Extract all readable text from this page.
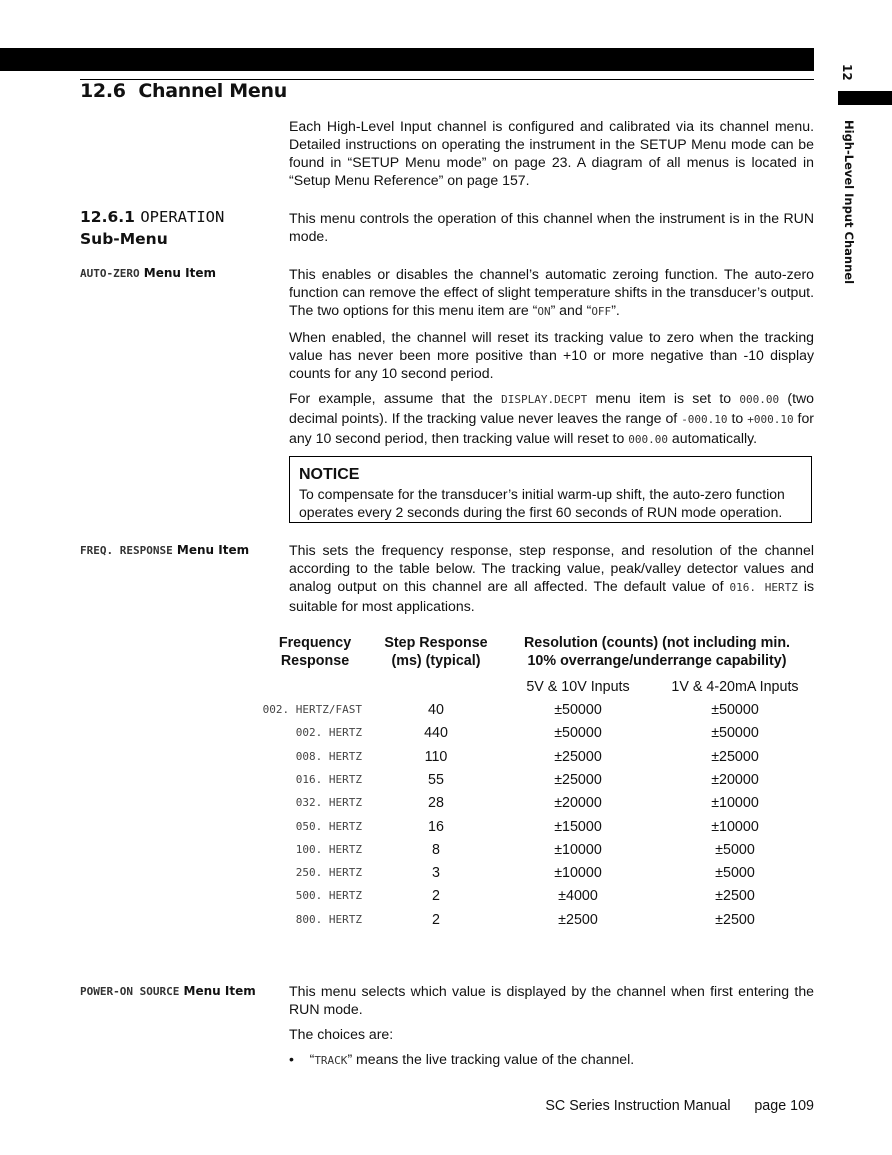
12
High-Level Input Channel
12.6 Channel Menu

Each High-Level Input channel is configured and calibrated via its channel menu. Detailed instructions on operating the instrument in the SETUP Menu mode can be found in “SETUP Menu mode” on page 23. A diagram of all menus is located in “Setup Menu Reference” on page 157.

12.6.1 OPERATION
Sub-Menu

This menu controls the operation of this channel when the instrument is in the RUN mode.

AUTO-ZERO Menu Item	This enables or disables the channel’s automatic zeroing function. The auto-zero function can remove the effect of slight temperature shifts in the transducer’s output. The two options for this menu item are “ON” and “OFF”.

When enabled, the channel will reset its tracking value to zero when the tracking value has never been more positive than +10 or more negative than -10 display counts for any 10 second period.

For example, assume that the DISPLAY.DECPT menu item is set to 000.00 (two decimal points). If the tracking value never leaves the range of -000.10 to +000.10 for any 10 second period, then tracking value will reset to 000.00 automatically.

NOTICE
To compensate for the transducer’s initial warm-up shift, the auto-zero function operates every 2 seconds during the first 60 seconds of RUN mode operation.
FREQ. RESPONSE Menu Item	This sets the frequency response, step response, and resolution of the channel according to the table below. The tracking value, peak/valley detector values and analog output on this channel are all affected. The default value of 016. HERTZ is suitable for most applications.

Frequency Response
Step Response (ms) (typical)
Resolution (counts) (not including min. 10% overrange/underrange capability)
5V & 10V Inputs	1V & 4-20mA Inputs
002. HERTZ/FAST	40	±50000	±50000
002. HERTZ	440	±50000	±50000
008. HERTZ	110	±25000	±25000
016. HERTZ	55	±25000	±20000
032. HERTZ	28	±20000	±10000
050. HERTZ	16	±15000	±10000
100. HERTZ	8	±10000	±5000
250. HERTZ	3	±10000	±5000
500. HERTZ	2	±4000	±2500
800. HERTZ	2	±2500	±2500
POWER-ON SOURCE Menu Item This menu selects which value is displayed by the channel when first entering the RUN mode.

The choices are:

• “TRACK” means the live tracking value of the channel.
SC Series Instruction Manual page 109
